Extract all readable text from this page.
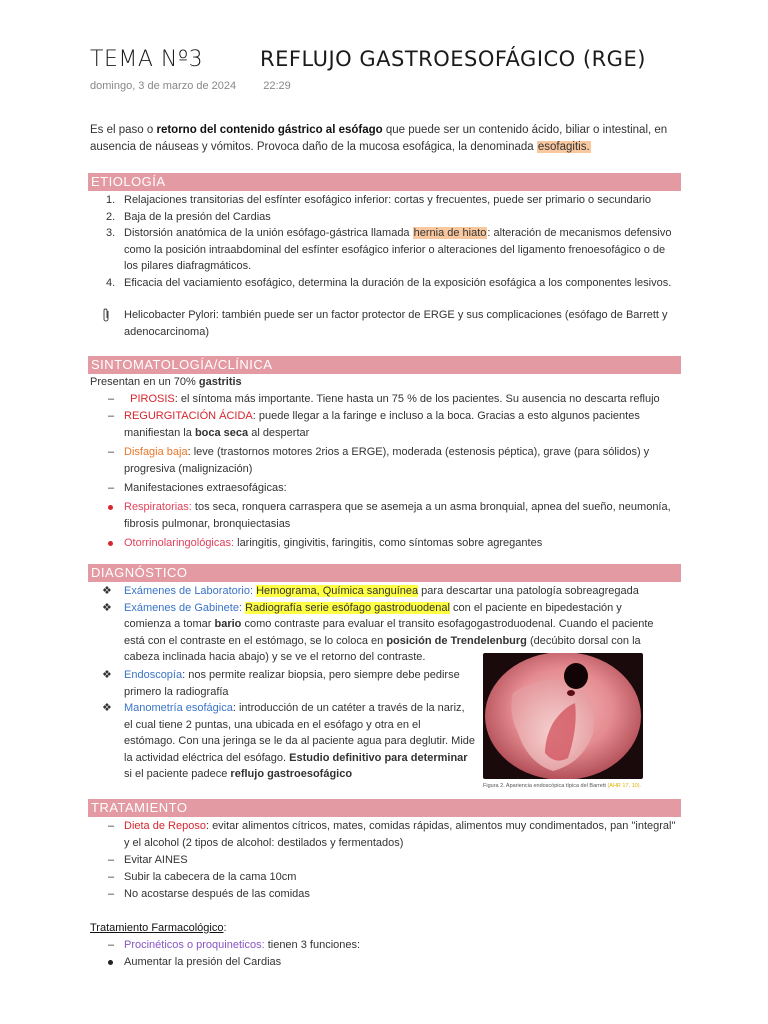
TEMA Nº3	REFLUJO GASTROESOFÁGICO (RGE)
domingo, 3 de marzo de 2024 22:29
Es el paso o retorno del contenido gástrico al esófago que puede ser un contenido ácido, biliar o intestinal, en ausencia de náuseas y vómitos. Provoca daño de la mucosa esofágica, la denominada esofagitis.
ETIOLOGÍA
1. Relajaciones transitorias del esfínter esofágico inferior: cortas y frecuentes, puede ser primario o secundario
2. Baja de la presión del Cardias
3. Distorsión anatómica de la unión esófago-gástrica llamada hernia de hiato: alteración de mecanismos defensivo como la posición intraabdominal del esfínter esofágico inferior o alteraciones del ligamento frenoesofágico o de los pilares diafragmáticos.
4. Eficacia del vaciamiento esofágico, determina la duración de la exposición esofágica a los componentes lesivos.
Helicobacter Pylori: también puede ser un factor protector de ERGE y sus complicaciones (esófago de Barrett y adenocarcinoma)
SINTOMATOLOGÍA/CLÍNICA
Presentan en un 70% gastritis
– PIROSIS: el síntoma más importante. Tiene hasta un 75 % de los pacientes. Su ausencia no descarta reflujo
– REGURGITACIÓN ÁCIDA: puede llegar a la faringe e incluso a la boca. Gracias a esto algunos pacientes manifiestan la boca seca al despertar
– Disfagia baja: leve (trastornos motores 2rios a ERGE), moderada (estenosis péptica), grave (para sólidos) y progresiva (malignización)
– Manifestaciones extraesofágicas:
Respiratorias: tos seca, ronquera carraspera que se asemeja a un asma bronquial, apnea del sueño, neumonía, fibrosis pulmonar, bronquiectasias
Otorrinolaringológicas: laringitis, gingivitis, faringitis, como síntomas sobre agregantes
DIAGNÓSTICO
❖ Exámenes de Laboratorio: Hemograma, Química sanguínea para descartar una patología sobreagregada
❖ Exámenes de Gabinete: Radiografía serie esófago gastroduodenal con el paciente en bipedestación y comienza a tomar bario como contraste para evaluar el transito esofagogastroduodenal. Cuando el paciente está con el contraste en el estómago, se lo coloca en posición de Trendelenburg (decúbito dorsal con la cabeza inclinada hacia abajo) y se ve el retorno del contraste.
❖ Endoscopía: nos permite realizar biopsia, pero siempre debe pedirse primero la radiografía
❖ Manometría esofágica: introducción de un catéter a través de la nariz, el cual tiene 2 puntas, una ubicada en el esófago y otra en el estómago. Con una jeringa se le da al paciente agua para deglutir. Mide la actividad eléctrica del esófago. Estudio definitivo para determinar si el paciente padece reflujo gastroesofágico
Figura 2. Apariencia endoscópica típica del Barrett (AHR 17, 10).
TRATAMIENTO
– Dieta de Reposo: evitar alimentos cítricos, mates, comidas rápidas, alimentos muy condimentados, pan "integral" y el alcohol (2 tipos de alcohol: destilados y fermentados)
– Evitar AINES
– Subir la cabecera de la cama 10cm
– No acostarse después de las comidas
Tratamiento Farmacológico:
– Procinéticos o proquineticos: tienen 3 funciones:
Aumentar la presión del Cardias
